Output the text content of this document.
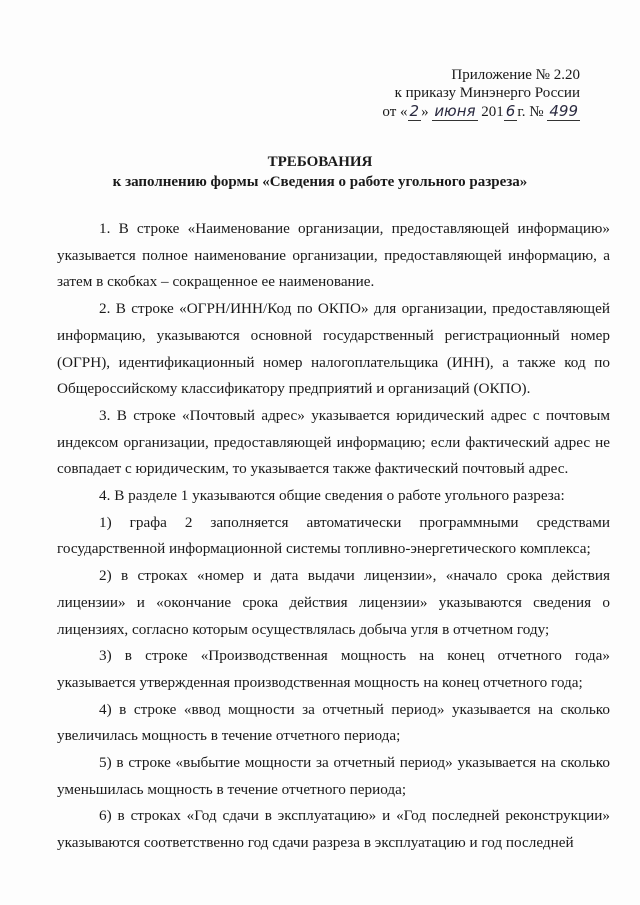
Приложение № 2.20
к приказу Минэнерго России
от « 2 » июня 201 6 г. № 499
ТРЕБОВАНИЯ
к заполнению формы «Сведения о работе угольного разреза»

1. В строке «Наименование организации, предоставляющей информацию» указывается полное наименование организации, предоставляющей информацию, а затем в скобках – сокращенное ее наименование.

2. В строке «ОГРН/ИНН/Код по ОКПО» для организации, предоставляющей информацию, указываются основной государственный регистрационный номер (ОГРН), идентификационный номер налогоплательщика (ИНН), а также код по Общероссийскому классификатору предприятий и организаций (ОКПО).

3. В строке «Почтовый адрес» указывается юридический адрес с почтовым индексом организации, предоставляющей информацию; если фактический адрес не совпадает с юридическим, то указывается также фактический почтовый адрес.

4. В разделе 1 указываются общие сведения о работе угольного разреза:

1) графа 2 заполняется автоматически программными средствами государственной информационной системы топливно-энергетического комплекса;

2) в строках «номер и дата выдачи лицензии», «начало срока действия лицензии» и «окончание срока действия лицензии» указываются сведения о лицензиях, согласно которым осуществлялась добыча угля в отчетном году;

3) в строке «Производственная мощность на конец отчетного года» указывается утвержденная производственная мощность на конец отчетного года;

4) в строке «ввод мощности за отчетный период» указывается на сколько увеличилась мощность в течение отчетного периода;

5) в строке «выбытие мощности за отчетный период» указывается на сколько уменьшилась мощность в течение отчетного периода;

6) в строках «Год сдачи в эксплуатацию» и «Год последней реконструкции» указываются соответственно год сдачи разреза в эксплуатацию и год последней
